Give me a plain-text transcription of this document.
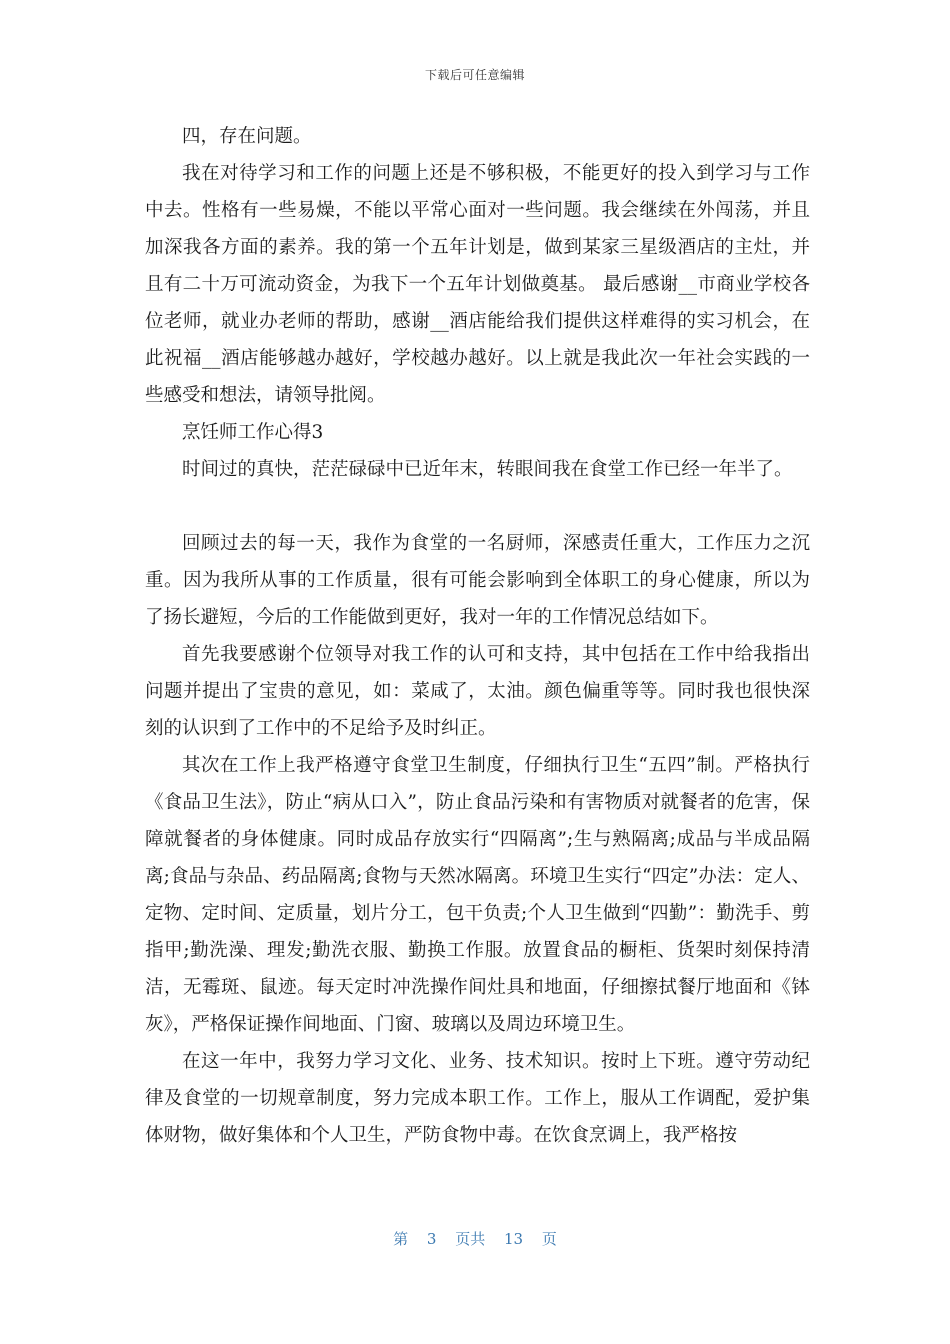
下载后可任意编辑

四，存在问题。

我在对待学习和工作的问题上还是不够积极，不能更好的投入到学习与工作中去。性格有一些易燥，不能以平常心面对一些问题。我会继续在外闯荡，并且加深我各方面的素养。我的第一个五年计划是，做到某家三星级酒店的主灶，并且有二十万可流动资金，为我下一个五年计划做奠基。 最后感谢__市商业学校各位老师，就业办老师的帮助，感谢__酒店能给我们提供这样难得的实习机会，在此祝福__酒店能够越办越好，学校越办越好。以上就是我此次一年社会实践的一些感受和想法，请领导批阅。

烹饪师工作心得3

时间过的真快，茫茫碌碌中已近年末，转眼间我在食堂工作已经一年半了。

回顾过去的每一天，我作为食堂的一名厨师，深感责任重大，工作压力之沉重。因为我所从事的工作质量，很有可能会影响到全体职工的身心健康，所以为了扬长避短，今后的工作能做到更好，我对一年的工作情况总结如下。

首先我要感谢个位领导对我工作的认可和支持，其中包括在工作中给我指出问题并提出了宝贵的意见，如：菜咸了，太油。颜色偏重等等。同时我也很快深刻的认识到了工作中的不足给予及时纠正。

其次在工作上我严格遵守食堂卫生制度，仔细执行卫生“五四”制。严格执行《食品卫生法》，防止“病从口入”，防止食品污染和有害物质对就餐者的危害，保障就餐者的身体健康。同时成品存放实行“四隔离”;生与熟隔离;成品与半成品隔离;食品与杂品、药品隔离;食物与天然冰隔离。环境卫生实行“四定”办法：定人、定物、定时间、定质量，划片分工，包干负责;个人卫生做到“四勤”：勤洗手、剪指甲;勤洗澡、理发;勤洗衣服、勤换工作服。放置食品的橱柜、货架时刻保持清洁，无霉斑、鼠迹。每天定时冲洗操作间灶具和地面，仔细擦拭餐厅地面和《钵灰》，严格保证操作间地面、门窗、玻璃以及周边环境卫生。

在这一年中，我努力学习文化、业务、技术知识。按时上下班。遵守劳动纪律及食堂的一切规章制度，努力完成本职工作。工作上，服从工作调配，爱护集体财物，做好集体和个人卫生，严防食物中毒。在饮食烹调上，我严格按

第 3 页共 13 页
